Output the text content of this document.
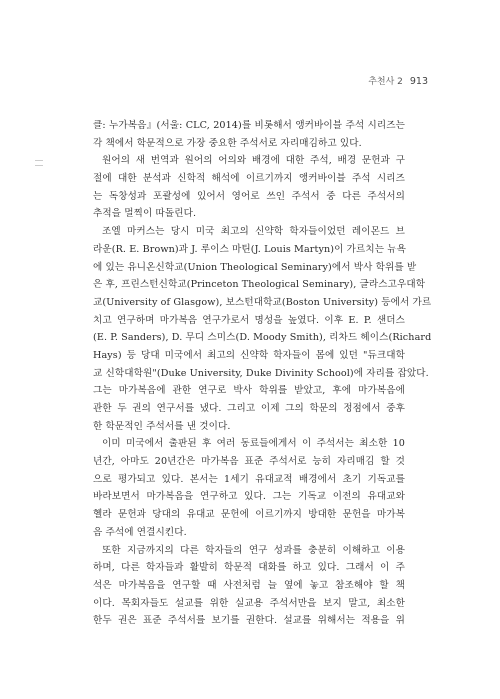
추천사 2 913
클: 누가복음』(서울: CLC, 2014)를 비롯해서 앵커바이블 주석 시리즈는
각 책에서 학문적으로 가장 중요한 주석서로 자리매김하고 있다.
원어의 새 번역과 원어의 어의와 배경에 대한 주석, 배경 문헌과 구
절에 대한 분석과 신학적 해석에 이르기까지 앵커바이블 주석 시리즈
는 독창성과 포괄성에 있어서 영어로 쓰인 주석서 중 다른 주석서의
추적을 멀찍이 따돌린다.
조엘 마커스는 당시 미국 최고의 신약학 학자들이었던 레이몬드 브
라운(R. E. Brown)과 J. 루이스 마틴(J. Louis Martyn)이 가르치는 뉴욕
에 있는 유니온신학교(Union Theological Seminary)에서 박사 학위를 받
은 후, 프린스턴신학교(Princeton Theological Seminary), 글라스고우대학
교(University of Glasgow), 보스턴대학교(Boston University) 등에서 가르
치고 연구하며 마가복음 연구가로서 명성을 높였다. 이후 E. P. 샌더스
(E. P. Sanders), D. 무디 스미스(D. Moody Smith), 리차드 헤이스(Richard
Hays) 등 당대 미국에서 최고의 신약학 학자들이 몸에 있던 "듀크대학
교 신학대학원"(Duke University, Duke Divinity School)에 자리를 잡았다.
그는 마가복음에 관한 연구로 박사 학위를 받았고, 후에 마가복음에
관한 두 권의 연구서를 냈다. 그리고 이제 그의 학문의 정점에서 중후
한 학문적인 주석서를 낸 것이다.
이미 미국에서 출판된 후 여러 동료들에게서 이 주석서는 최소한 10
년간, 아마도 20년간은 마가복음 표준 주석서로 능히 자리매김 할 것
으로 평가되고 있다. 본서는 1세기 유대교적 배경에서 초기 기독교를
바라보면서 마가복음을 연구하고 있다. 그는 기독교 이전의 유대교와
헬라 문헌과 당대의 유대교 문헌에 이르기까지 방대한 문헌을 마가복
음 주석에 연결시킨다.
또한 지금까지의 다른 학자들의 연구 성과를 충분히 이해하고 이용
하며, 다른 학자들과 활발히 학문적 대화를 하고 있다. 그래서 이 주
석은 마가복음을 연구할 때 사전처럼 늘 옆에 놓고 참조해야 할 책
이다. 목회자들도 설교를 위한 실교용 주석서만을 보지 말고, 최소한
한두 권은 표준 주석서를 보기를 권한다. 설교를 위해서는 적용을 위
